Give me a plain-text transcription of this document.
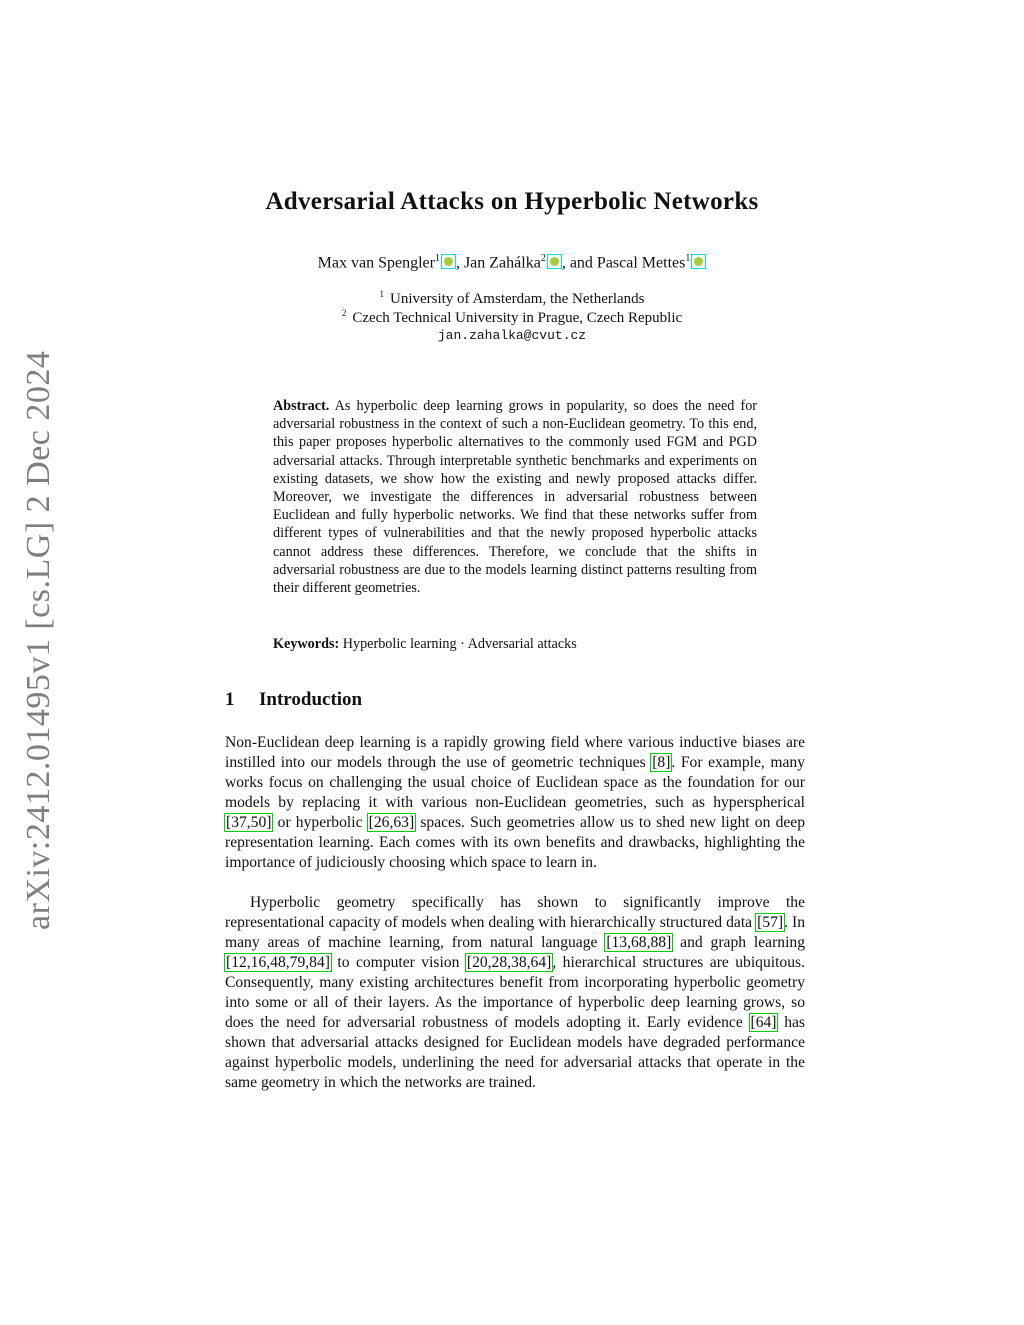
arXiv:2412.01495v1 [cs.LG] 2 Dec 2024
Adversarial Attacks on Hyperbolic Networks
Max van Spengler$^1$ , Jan Zahálka$^2$ , and Pascal Mettes$^1$
$^1$ University of Amsterdam, the Netherlands
$^2$ Czech Technical University in Prague, Czech Republic
jan.zahalka@cvut.cz
Abstract. As hyperbolic deep learning grows in popularity, so does the need for adversarial robustness in the context of such a non-Euclidean geometry. To this end, this paper proposes hyperbolic alternatives to the commonly used FGM and PGD adversarial attacks. Through interpretable synthetic benchmarks and experiments on existing datasets, we show how the existing and newly proposed attacks differ. Moreover, we investigate the differences in adversarial robustness between Euclidean and fully hyperbolic networks. We find that these networks suffer from different types of vulnerabilities and that the newly proposed hyperbolic attacks cannot address these differences. Therefore, we conclude that the shifts in adversarial robustness are due to the models learning distinct patterns resulting from their different geometries.
Keywords: Hyperbolic learning · Adversarial attacks
1 Introduction

Non-Euclidean deep learning is a rapidly growing field where various inductive biases are instilled into our models through the use of geometric techniques [8]. For example, many works focus on challenging the usual choice of Euclidean space as the foundation for our models by replacing it with various non-Euclidean geometries, such as hyperspherical [37,50] or hyperbolic [26,63] spaces. Such geometries allow us to shed new light on deep representation learning. Each comes with its own benefits and drawbacks, highlighting the importance of judiciously choosing which space to learn in.

Hyperbolic geometry specifically has shown to significantly improve the representational capacity of models when dealing with hierarchically structured data [57]. In many areas of machine learning, from natural language [13,68,88] and graph learning [12,16,48,79,84] to computer vision [20,28,38,64], hierarchical structures are ubiquitous. Consequently, many existing architectures benefit from incorporating hyperbolic geometry into some or all of their layers. As the importance of hyperbolic deep learning grows, so does the need for adversarial robustness of models adopting it. Early evidence [64] has shown that adversarial attacks designed for Euclidean models have degraded performance against hyperbolic models, underlining the need for adversarial attacks that operate in the same geometry in which the networks are trained.
